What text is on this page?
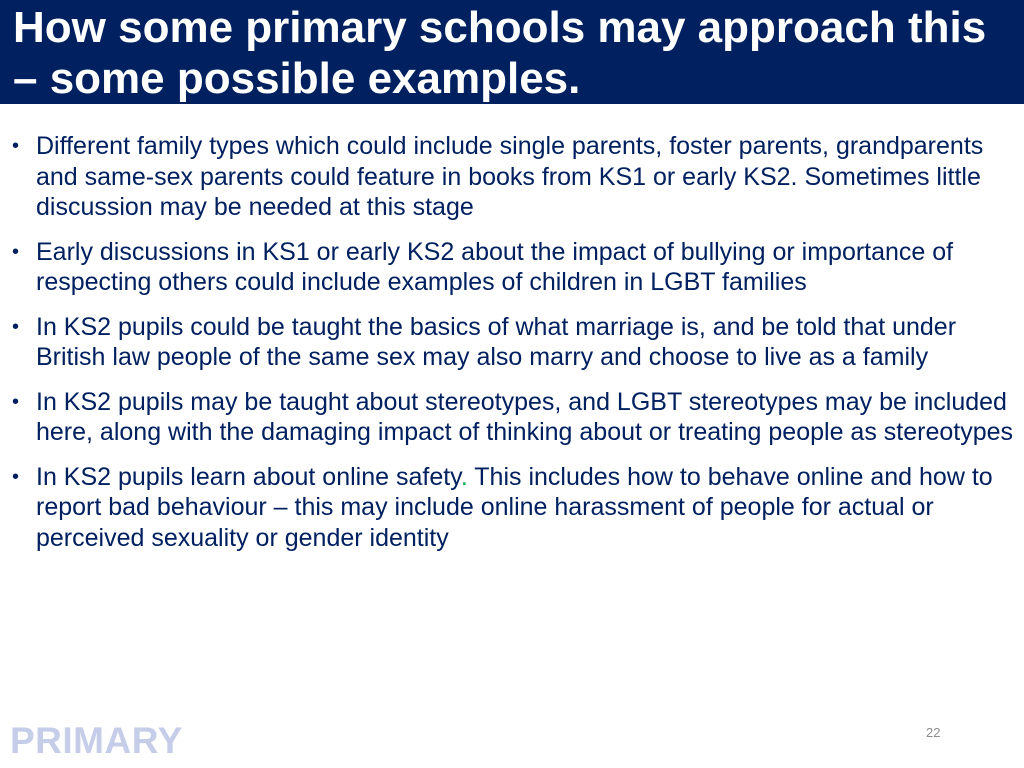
How some primary schools may approach this – some possible examples.
• Different family types which could include single parents, foster parents, grandparents and same-sex parents could feature in books from KS1 or early KS2. Sometimes little discussion may be needed at this stage
• Early discussions in KS1 or early KS2 about the impact of bullying or importance of respecting others could include examples of children in LGBT families
• In KS2 pupils could be taught the basics of what marriage is, and be told that under British law people of the same sex may also marry and choose to live as a family
• In KS2 pupils may be taught about stereotypes, and LGBT stereotypes may be included here, along with the damaging impact of thinking about or treating people as stereotypes
• In KS2 pupils learn about online safety. This includes how to behave online and how to report bad behaviour – this may include online harassment of people for actual or perceived sexuality or gender identity
PRIMARY	22
